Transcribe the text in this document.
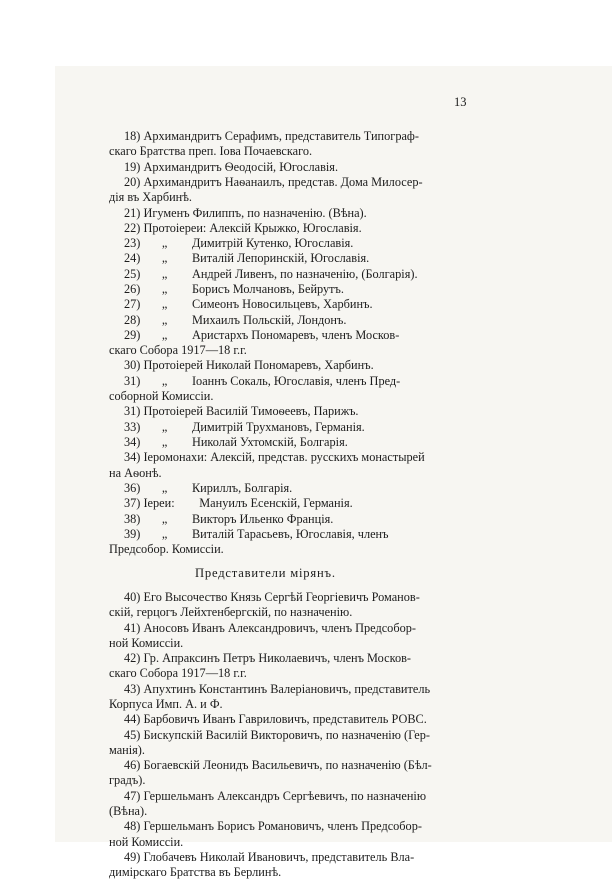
13
18) Архимандритъ Серафимъ, представитель Типограф-
скаго Братства преп. Іова Почаевскаго.
19) Архимандритъ Ѳеодосій, Югославія.
20) Архимандритъ Наѳанаилъ, представ. Дома Милосер-
дія въ Харбинѣ.
21) Игуменъ Филиппъ, по назначенію. (Вѣна).
22) Протоіереи: Алексій Крыжко, Югославія.
23)       „        Димитрій Кутенко, Югославія.
24)       „        Виталій Лепоринскій, Югославія.
25)       „        Андрей Ливенъ, по назначенію, (Болгарія).
26)       „        Борисъ Молчановъ, Бейрутъ.
27)       „        Симеонъ Новосильцевъ, Харбинъ.
28)       „        Михаилъ Польскій, Лондонъ.
29)       „        Аристархъ Пономаревъ, членъ Москов-
скаго Собора 1917—18 г.г.
30) Протоіерей Николай Пономаревъ, Харбинъ.
31)       „        Іоаннъ Сокаль, Югославія, членъ Пред-
соборной Комиссіи.
31) Протоіерей Василій Тимоѳеевъ, Парижъ.
33)       „        Димитрій Трухмановъ, Германія.
34)       „        Николай Ухтомскій, Болгарія.
34) Іеромонахи: Алексій, представ. русскихъ монастырей
на Аѳонѣ.
36)       „        Кириллъ, Болгарія.
37) Іереи:        Мануилъ Есенскій, Германія.
38)       „        Викторъ Ильенко Франція.
39)       „        Виталій Тарасьевъ, Югославія, членъ
Предсобор. Комиссіи.
Представители мірянъ.
40) Его Высочество Князь Сергѣй Георгіевичъ Романов-
скій, герцогъ Лейхтенбергскій, по назначенію.
41) Аносовъ Иванъ Александровичъ, членъ Предсобор-
ной Комиссіи.
42) Гр. Апраксинъ Петръ Николаевичъ, членъ Москов-
скаго Собора 1917—18 г.г.
43) Апухтинъ Константинъ Валеріановичъ, представитель
Корпуса Имп. А. и Ф.
44) Барбовичъ Иванъ Гавриловичъ, представитель РОВС.
45) Бискупскій Василій Викторовичъ, по назначенію (Гер-
манія).
46) Богаевскій Леонидъ Васильевичъ, по назначенію (Бѣл-
градъ).
47) Гершельманъ Александръ Сергѣевичъ, по назначенію
(Вѣна).
48) Гершельманъ Борисъ Романовичъ, членъ Предсобор-
ной Комиссіи.
49) Глобачевъ Николай Ивановичъ, представитель Вла-
димірскаго Братства въ Берлинѣ.
